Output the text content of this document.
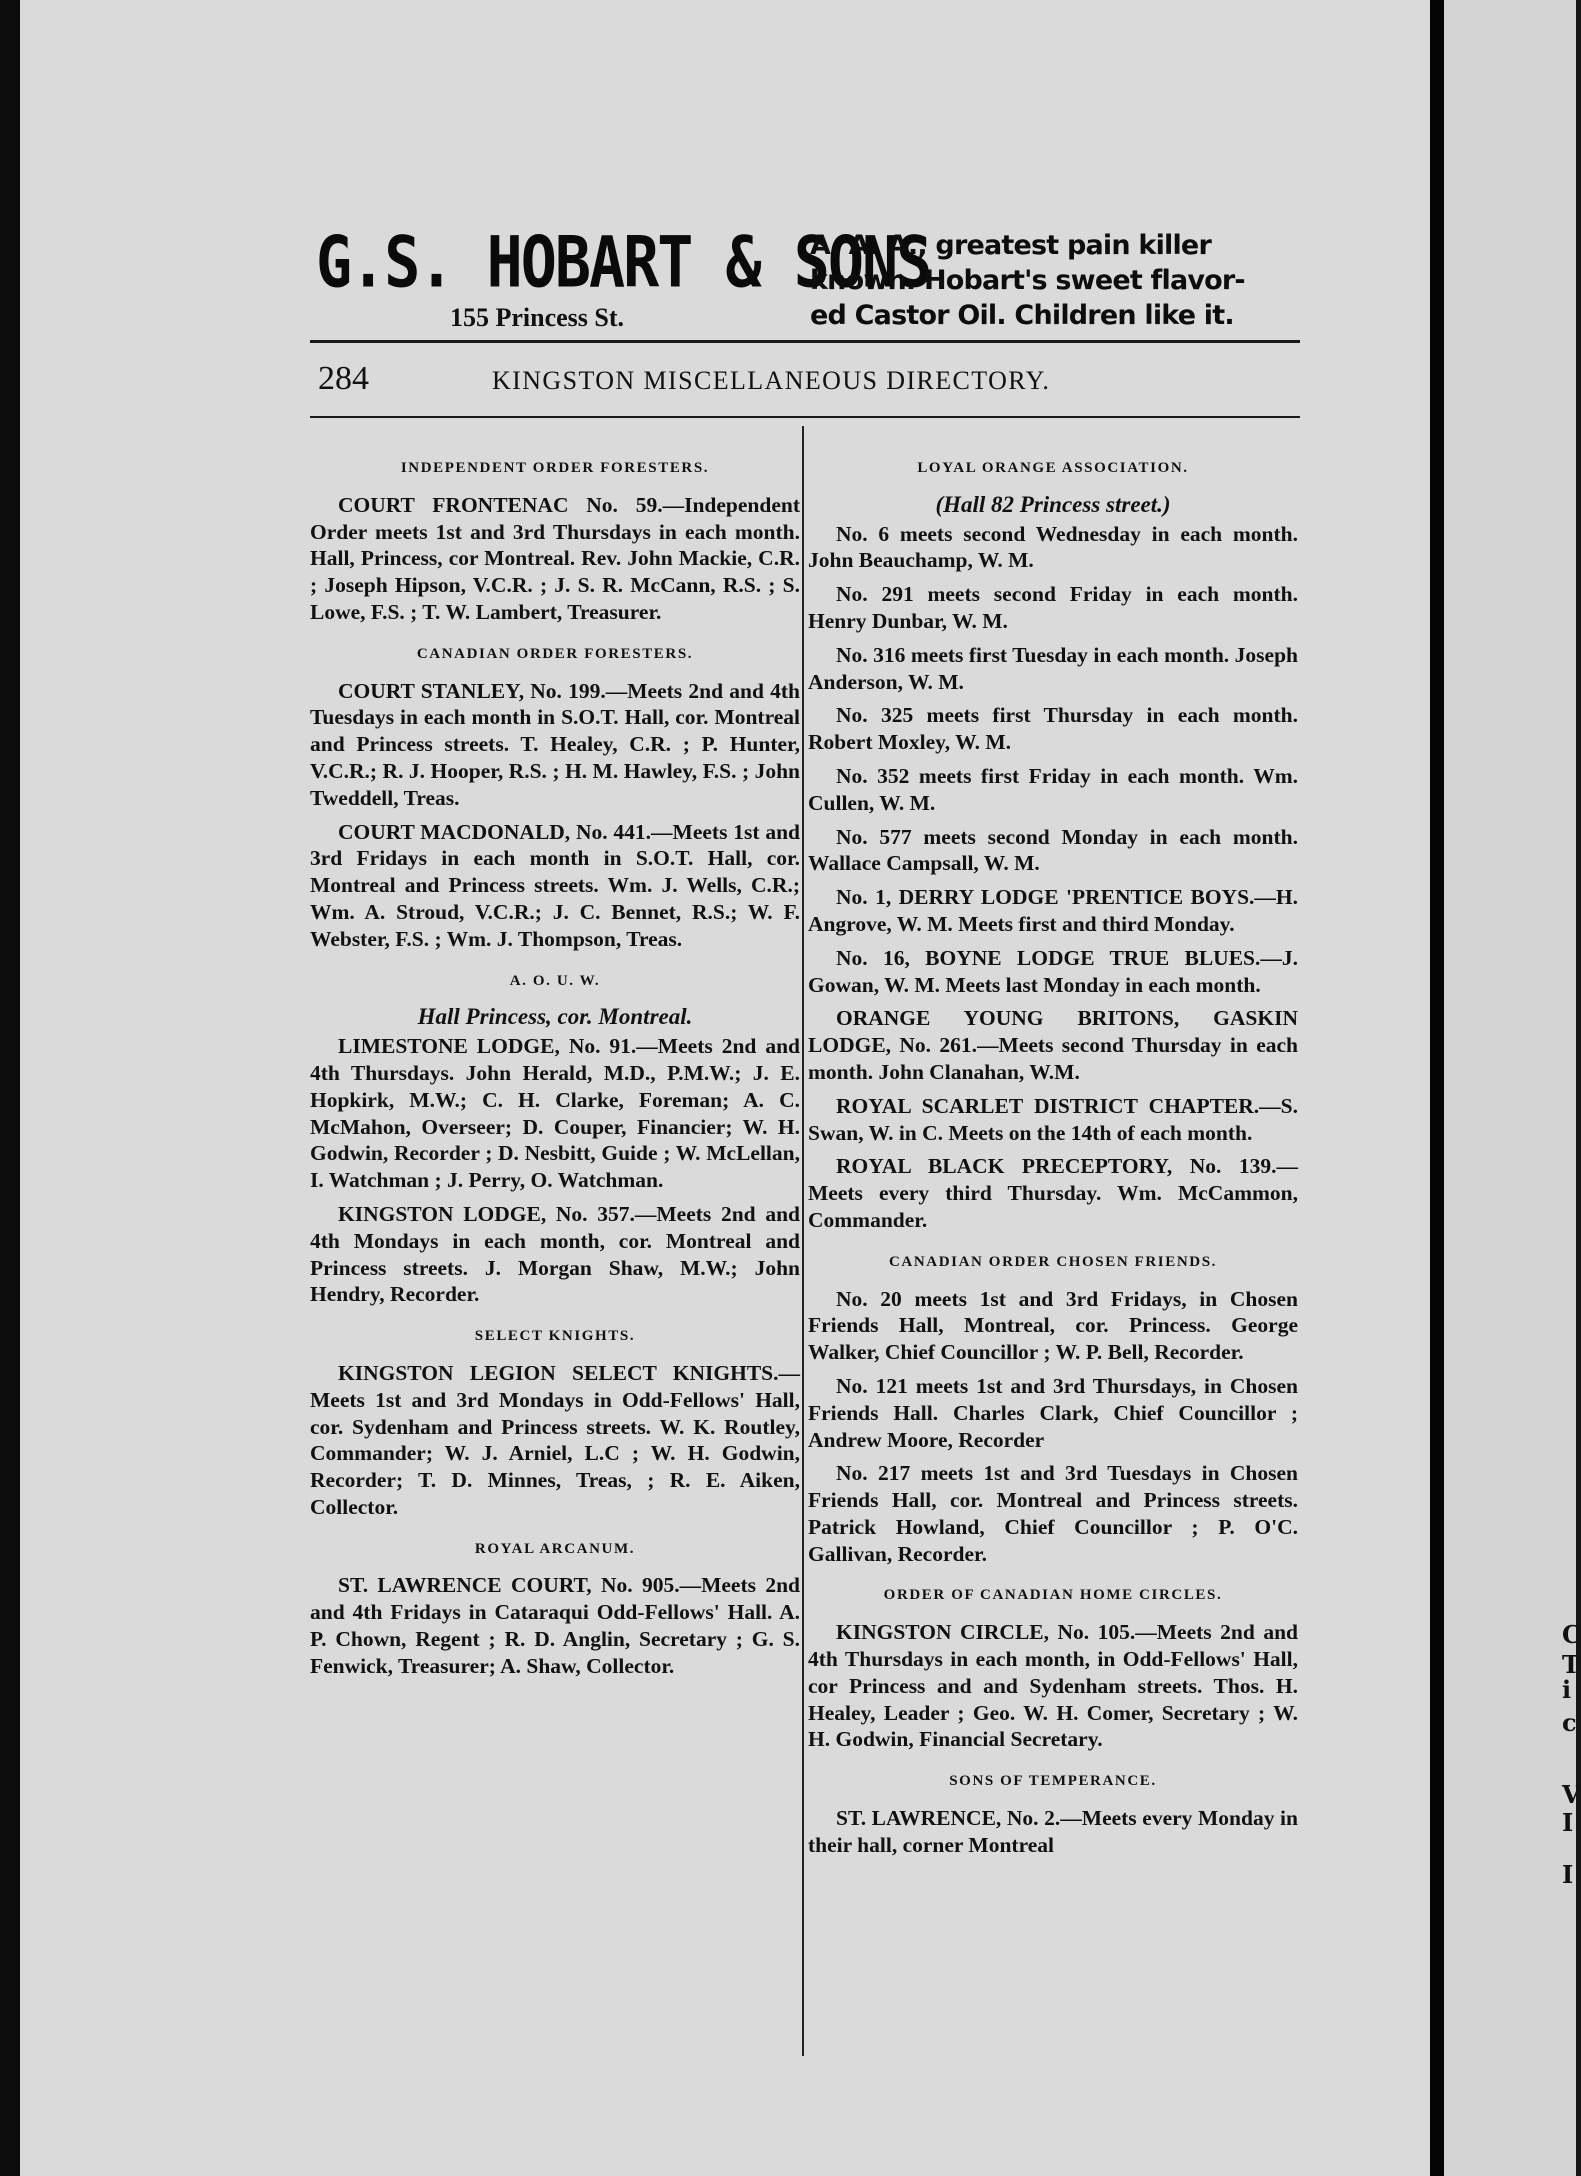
G.S. HOBART & SONS
155 Princess St.
A. A. A., greatest pain killer
known. Hobart's sweet flavor-
ed Castor Oil. Children like it.
284	KINGSTON MISCELLANEOUS DIRECTORY.
INDEPENDENT ORDER FORESTERS.

COURT FRONTENAC No. 59.—Independent Order meets 1st and 3rd Thursdays in each month. Hall, Princess, cor Montreal. Rev. John Mackie, C.R. ; Joseph Hipson, V.C.R. ; J. S. R. McCann, R.S. ; S. Lowe, F.S. ; T. W. Lambert, Treasurer.

CANADIAN ORDER FORESTERS.

COURT STANLEY, No. 199.—Meets 2nd and 4th Tuesdays in each month in S.O.T. Hall, cor. Montreal and Princess streets. T. Healey, C.R. ; P. Hunter, V.C.R.; R. J. Hooper, R.S. ; H. M. Hawley, F.S. ; John Tweddell, Treas.

COURT MACDONALD, No. 441.—Meets 1st and 3rd Fridays in each month in S.O.T. Hall, cor. Montreal and Princess streets. Wm. J. Wells, C.R.; Wm. A. Stroud, V.C.R.; J. C. Bennet, R.S.; W. F. Webster, F.S. ; Wm. J. Thompson, Treas.

A. O. U. W.
Hall Princess, cor. Montreal.

LIMESTONE LODGE, No. 91.—Meets 2nd and 4th Thursdays. John Herald, M.D., P.M.W.; J. E. Hopkirk, M.W.; C. H. Clarke, Foreman; A. C. McMahon, Overseer; D. Couper, Financier; W. H. Godwin, Recorder ; D. Nesbitt, Guide ; W. McLellan, I. Watchman ; J. Perry, O. Watchman.

KINGSTON LODGE, No. 357.—Meets 2nd and 4th Mondays in each month, cor. Montreal and Princess streets. J. Morgan Shaw, M.W.; John Hendry, Recorder.

SELECT KNIGHTS.

KINGSTON LEGION SELECT KNIGHTS.—Meets 1st and 3rd Mondays in Odd-Fellows' Hall, cor. Sydenham and Princess streets. W. K. Routley, Commander; W. J. Arniel, L.C ; W. H. Godwin, Recorder; T. D. Minnes, Treas, ; R. E. Aiken, Collector.

ROYAL ARCANUM.

ST. LAWRENCE COURT, No. 905.—Meets 2nd and 4th Fridays in Cataraqui Odd-Fellows' Hall. A. P. Chown, Regent ; R. D. Anglin, Secretary ; G. S. Fenwick, Treasurer; A. Shaw, Collector.

LOYAL ORANGE ASSOCIATION.
(Hall 82 Princess street.)

No. 6 meets second Wednesday in each month. John Beauchamp, W. M.

No. 291 meets second Friday in each month. Henry Dunbar, W. M.

No. 316 meets first Tuesday in each month. Joseph Anderson, W. M.

No. 325 meets first Thursday in each month. Robert Moxley, W. M.

No. 352 meets first Friday in each month. Wm. Cullen, W. M.

No. 577 meets second Monday in each month. Wallace Campsall, W. M.

No. 1, DERRY LODGE 'PRENTICE BOYS.—H. Angrove, W. M. Meets first and third Monday.

No. 16, BOYNE LODGE TRUE BLUES.—J. Gowan, W. M. Meets last Monday in each month.

ORANGE YOUNG BRITONS, GASKIN LODGE, No. 261.—Meets second Thursday in each month. John Clanahan, W.M.

ROYAL SCARLET DISTRICT CHAPTER.—S. Swan, W. in C. Meets on the 14th of each month.

ROYAL BLACK PRECEPTORY, No. 139.—Meets every third Thursday. Wm. McCammon, Commander.

CANADIAN ORDER CHOSEN FRIENDS.

No. 20 meets 1st and 3rd Fridays, in Chosen Friends Hall, Montreal, cor. Princess. George Walker, Chief Councillor ; W. P. Bell, Recorder.

No. 121 meets 1st and 3rd Thursdays, in Chosen Friends Hall. Charles Clark, Chief Councillor ; Andrew Moore, Recorder

No. 217 meets 1st and 3rd Tuesdays in Chosen Friends Hall, cor. Montreal and Princess streets. Patrick Howland, Chief Councillor ; P. O'C. Gallivan, Recorder.

ORDER OF CANADIAN HOME CIRCLES.

KINGSTON CIRCLE, No. 105.—Meets 2nd and 4th Thursdays in each month, in Odd-Fellows' Hall, cor Princess and and Sydenham streets. Thos. H. Healey, Leader ; Geo. W. H. Comer, Secretary ; W. H. Godwin, Financial Secretary.

SONS OF TEMPERANCE.

ST. LAWRENCE, No. 2.—Meets every Monday in their hall, corner Montreal

C
T
i
c
V
I
I
